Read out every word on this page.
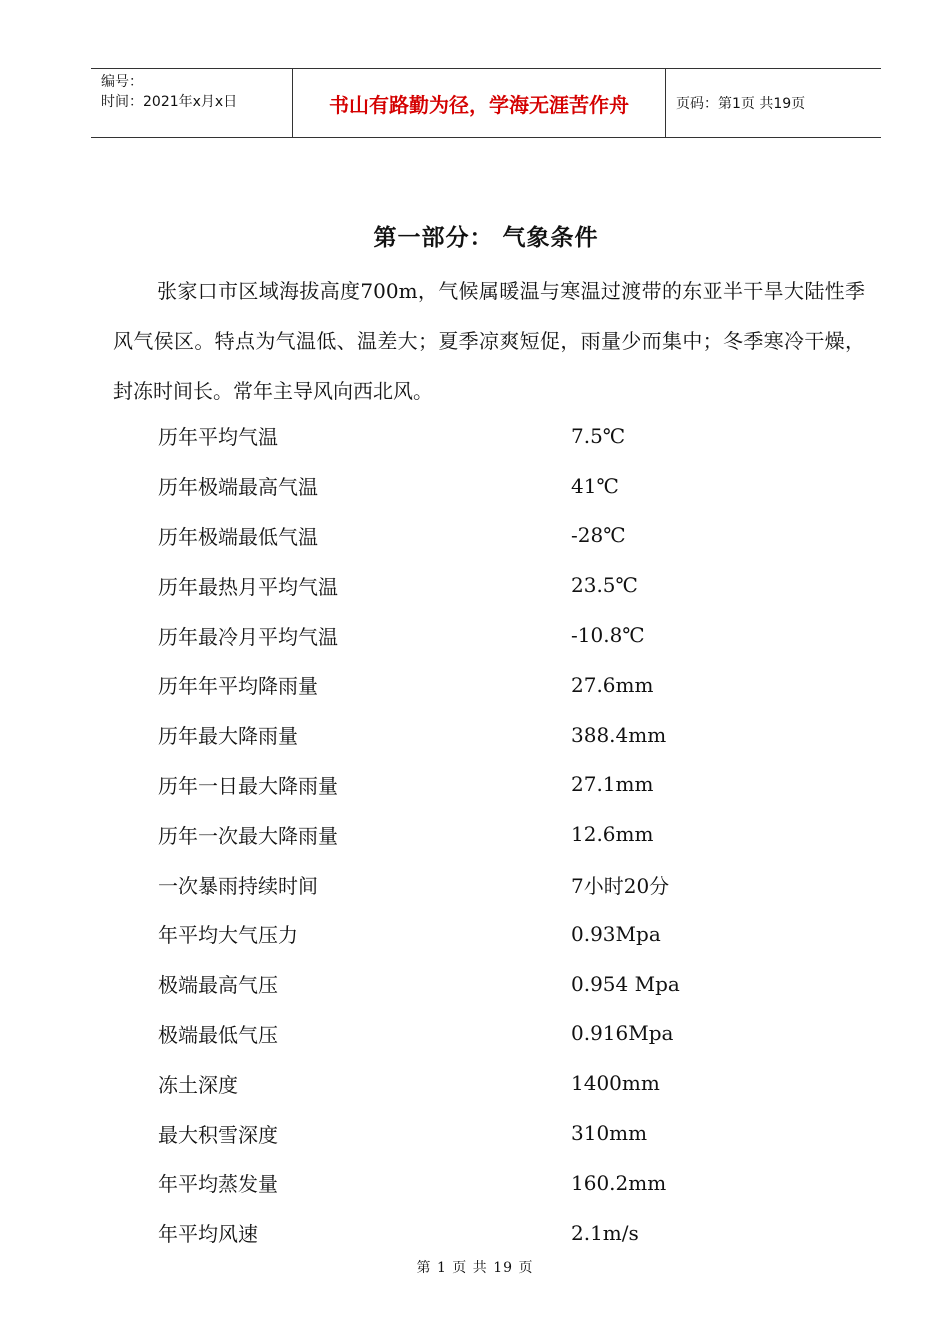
编号：
时间：2021年x月x日	书山有路勤为径，学海无涯苦作舟	页码：第1页 共19页
第一部分： 气象条件

张家口市区域海拔高度700m，气候属暖温与寒温过渡带的东亚半干旱大陆性季风气侯区。特点为气温低、温差大；夏季凉爽短促，雨量少而集中；冬季寒冷干燥，封冻时间长。常年主导风向西北风。

历年平均气温	7.5℃
历年极端最高气温	41℃
历年极端最低气温	-28℃
历年最热月平均气温	23.5℃
历年最冷月平均气温	-10.8℃
历年年平均降雨量	27.6mm
历年最大降雨量	388.4mm
历年一日最大降雨量	27.1mm
历年一次最大降雨量	12.6mm
一次暴雨持续时间	7小时20分
年平均大气压力	0.93Mpa
极端最高气压	0.954 Mpa
极端最低气压	0.916Mpa
冻土深度	1400mm
最大积雪深度	310mm
年平均蒸发量	160.2mm
年平均风速	2.1m/s
第 1 页 共 19 页
